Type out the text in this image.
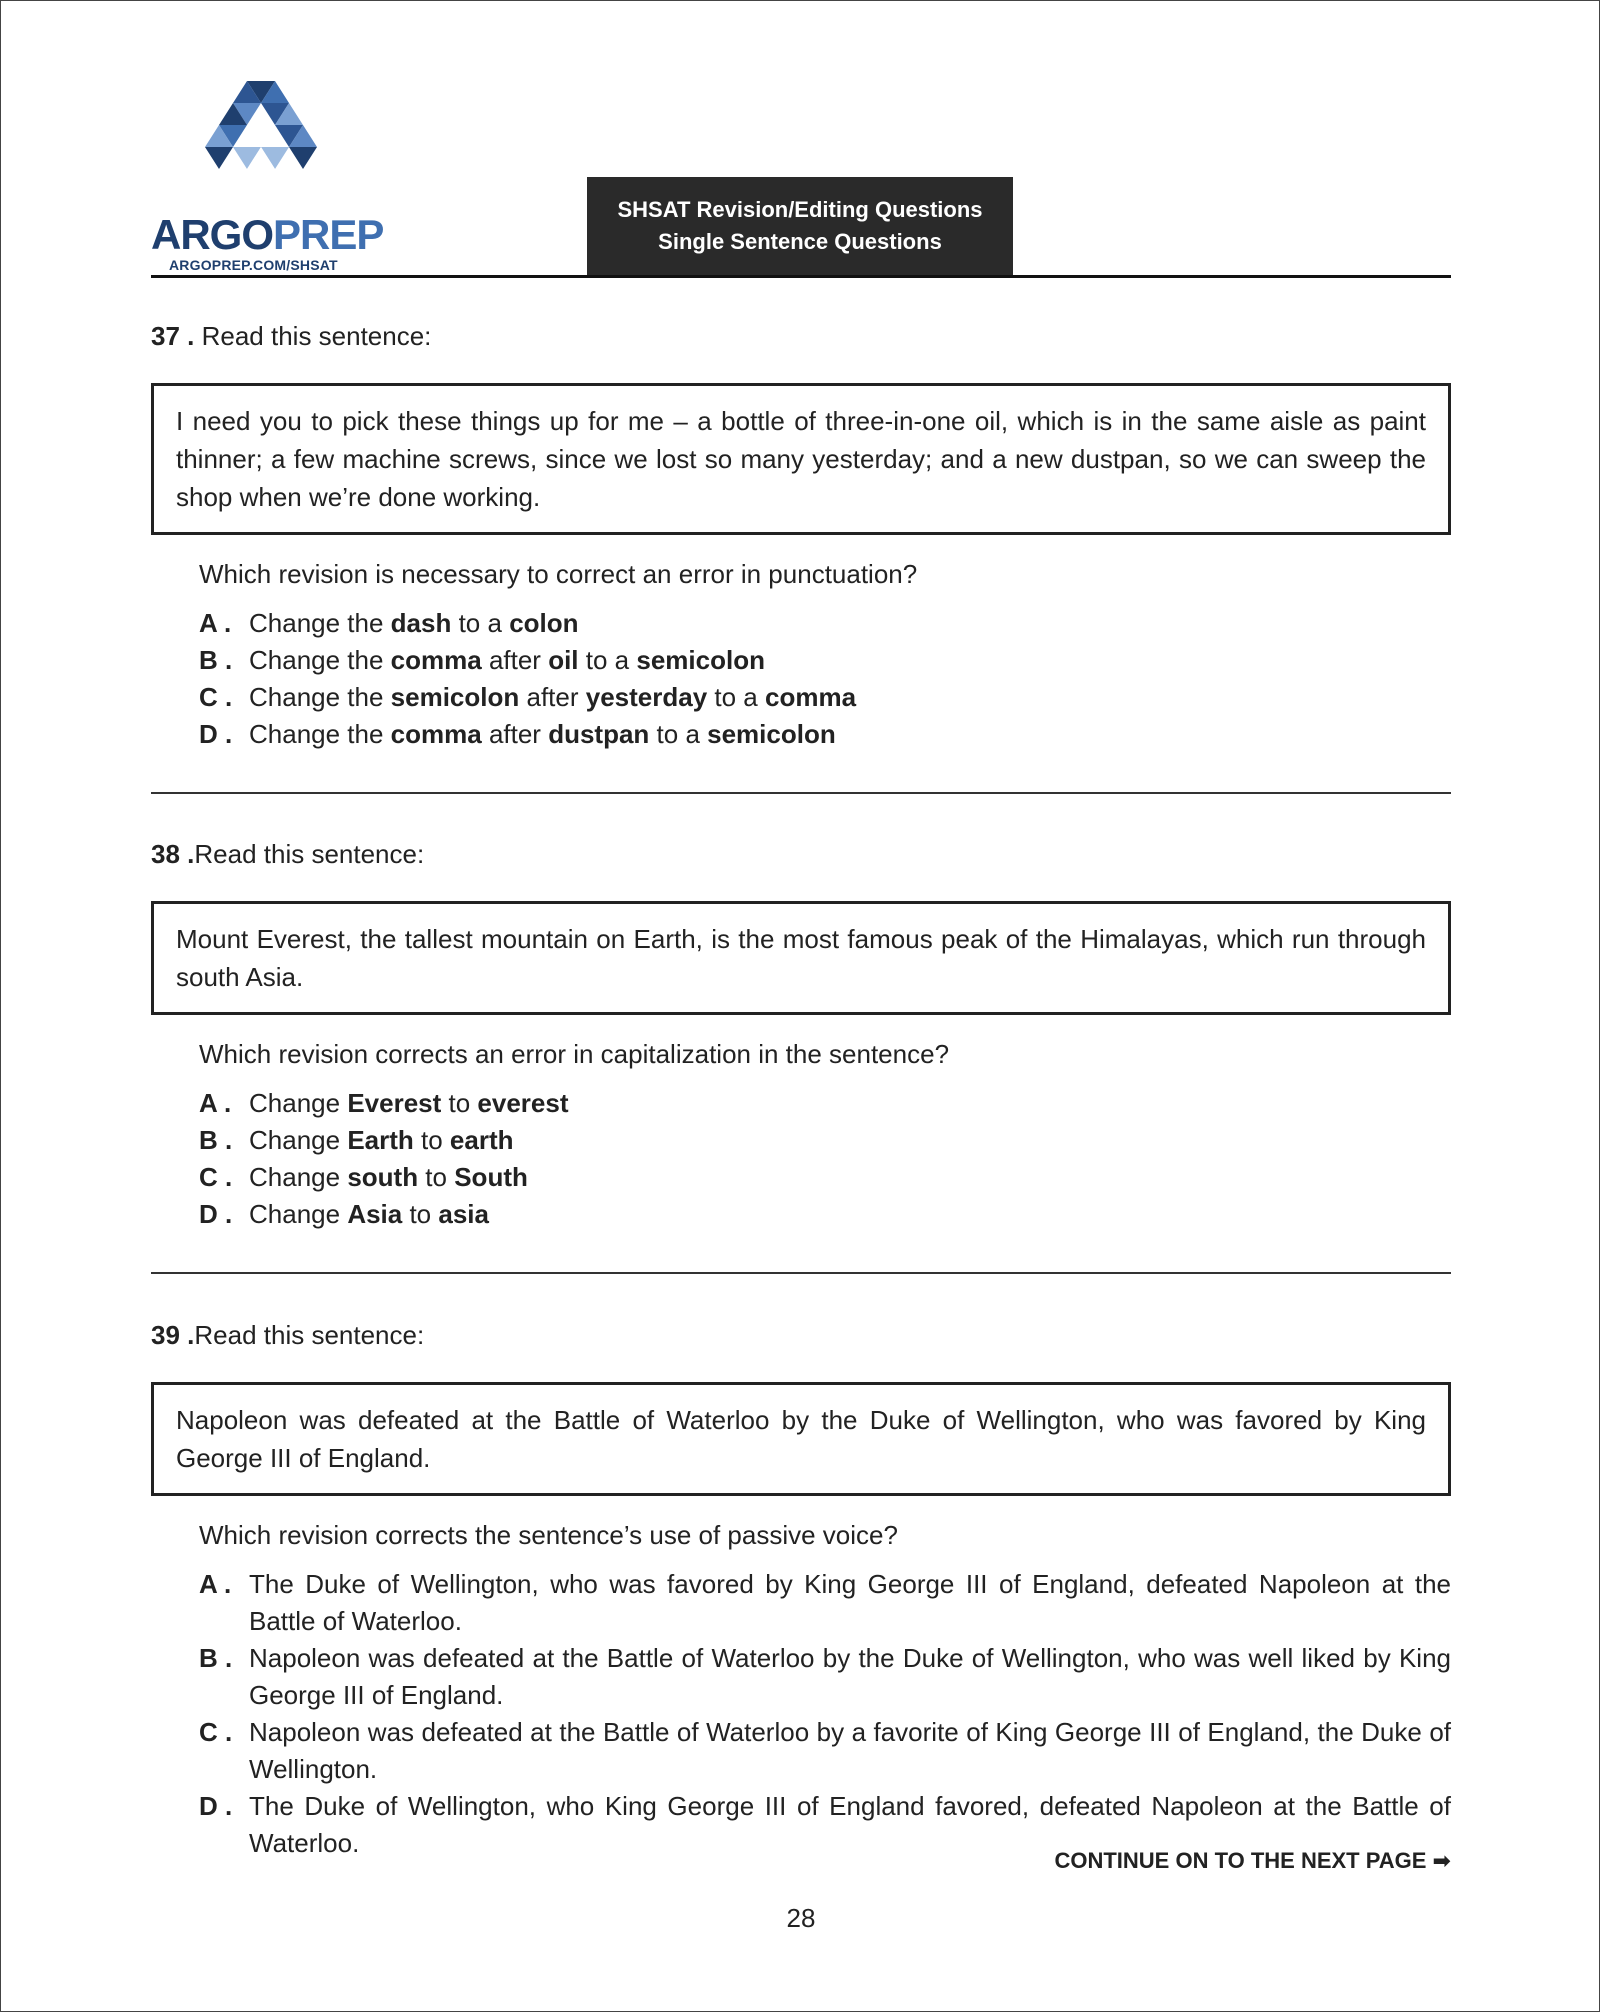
ARGOPREP
ARGOPREP.COM/SHSAT
SHSAT Revision/Editing Questions
Single Sentence Questions
37 . Read this sentence:
I need you to pick these things up for me – a bottle of three-in-one oil, which is in the same aisle as paint thinner; a few machine screws, since we lost so many yesterday; and a new dustpan, so we can sweep the shop when we’re done working.
Which revision is necessary to correct an error in punctuation?
A . Change the dash to a colon
B . Change the comma after oil to a semicolon
C . Change the semicolon after yesterday to a comma
D . Change the comma after dustpan to a semicolon
38 .Read this sentence:
Mount Everest, the tallest mountain on Earth, is the most famous peak of the Himalayas, which run through south Asia.
Which revision corrects an error in capitalization in the sentence?
A . Change Everest to everest
B . Change Earth to earth
C . Change south to South
D . Change Asia to asia
39 .Read this sentence:
Napoleon was defeated at the Battle of Waterloo by the Duke of Wellington, who was favored by King George III of England.
Which revision corrects the sentence’s use of passive voice?
A . The Duke of Wellington, who was favored by King George III of England, defeated Napoleon at the Battle of Waterloo.
B . Napoleon was defeated at the Battle of Waterloo by the Duke of Wellington, who was well liked by King George III of England.
C . Napoleon was defeated at the Battle of Waterloo by a favorite of King George III of England, the Duke of Wellington.
D . The Duke of Wellington, who King George III of England favored, defeated Napoleon at the Battle of Waterloo.
CONTINUE ON TO THE NEXT PAGE ➡
28
